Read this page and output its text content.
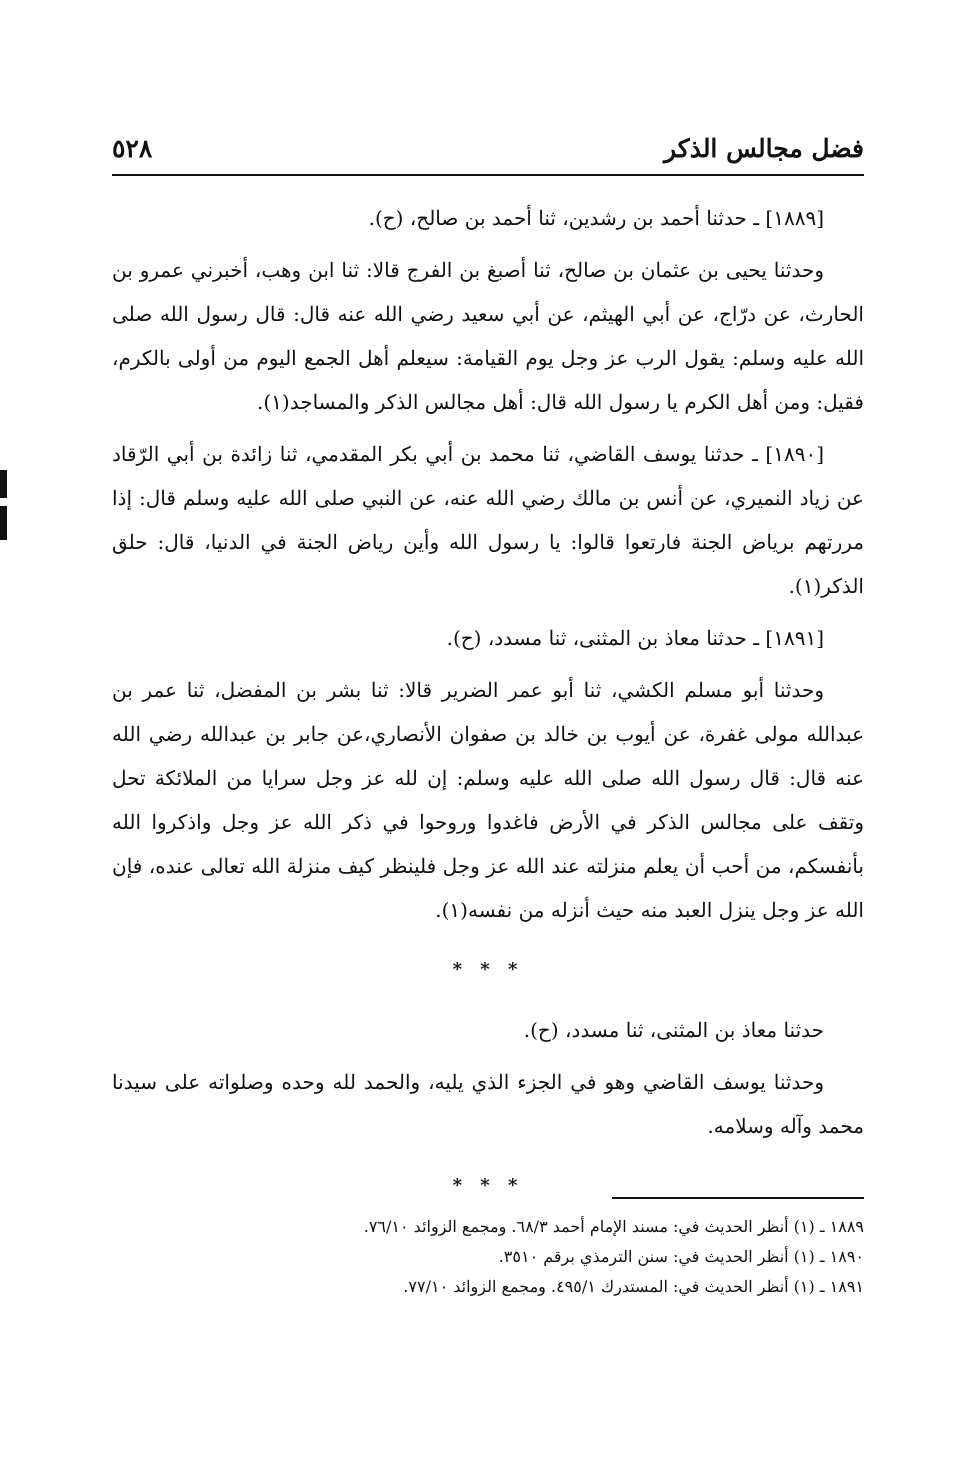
فضل مجالس الذكر
٥٢٨

[١٨٨٩] ـ حدثنا أحمد بن رشدين، ثنا أحمد بن صالح، (ح).

وحدثنا يحيى بن عثمان بن صالح، ثنا أصبغ بن الفرج قالا: ثنا ابن وهب، أخبرني عمرو بن الحارث، عن درّاج، عن أبي الهيثم، عن أبي سعيد رضي الله عنه قال: قال رسول الله صلى الله عليه وسلم: يقول الرب عز وجل يوم القيامة: سيعلم أهل الجمع اليوم من أولى بالكرم، فقيل: ومن أهل الكرم يا رسول الله قال: أهل مجالس الذكر والمساجد(١).

[١٨٩٠] ـ حدثنا يوسف القاضي، ثنا محمد بن أبي بكر المقدمي، ثنا زائدة بن أبي الرّقاد عن زياد النميري، عن أنس بن مالك رضي الله عنه، عن النبي صلى الله عليه وسلم قال: إذا مررتهم برياض الجنة فارتعوا قالوا: يا رسول الله وأين رياض الجنة في الدنيا، قال: حلق الذكر(١).

[١٨٩١] ـ حدثنا معاذ بن المثنى، ثنا مسدد، (ح).

وحدثنا أبو مسلم الكشي، ثنا أبو عمر الضرير قالا: ثنا بشر بن المفضل، ثنا عمر بن عبدالله مولى غفرة، عن أيوب بن خالد بن صفوان الأنصاري،عن جابر بن عبدالله رضي الله عنه قال: قال رسول الله صلى الله عليه وسلم: إن لله عز وجل سرايا من الملائكة تحل وتقف على مجالس الذكر في الأرض فاغدوا وروحوا في ذكر الله عز وجل واذكروا الله بأنفسكم، من أحب أن يعلم منزلته عند الله عز وجل فلينظر كيف منزلة الله تعالى عنده، فإن الله عز وجل ينزل العبد منه حيث أنزله من نفسه(١).

* * *

حدثنا معاذ بن المثنى، ثنا مسدد، (ح).

وحدثنا يوسف القاضي وهو في الجزء الذي يليه، والحمد لله وحده وصلواته على سيدنا محمد وآله وسلامه.

* * *
١٨٨٩ ـ (١) أنظر الحديث في: مسند الإمام أحمد ٦٨/٣. ومجمع الزوائد ٧٦/١٠.
١٨٩٠ ـ (١) أنظر الحديث في: سنن الترمذي برقم ٣٥١٠.
١٨٩١ ـ (١) أنظر الحديث في: المستدرك ٤٩٥/١. ومجمع الزوائد ٧٧/١٠.
